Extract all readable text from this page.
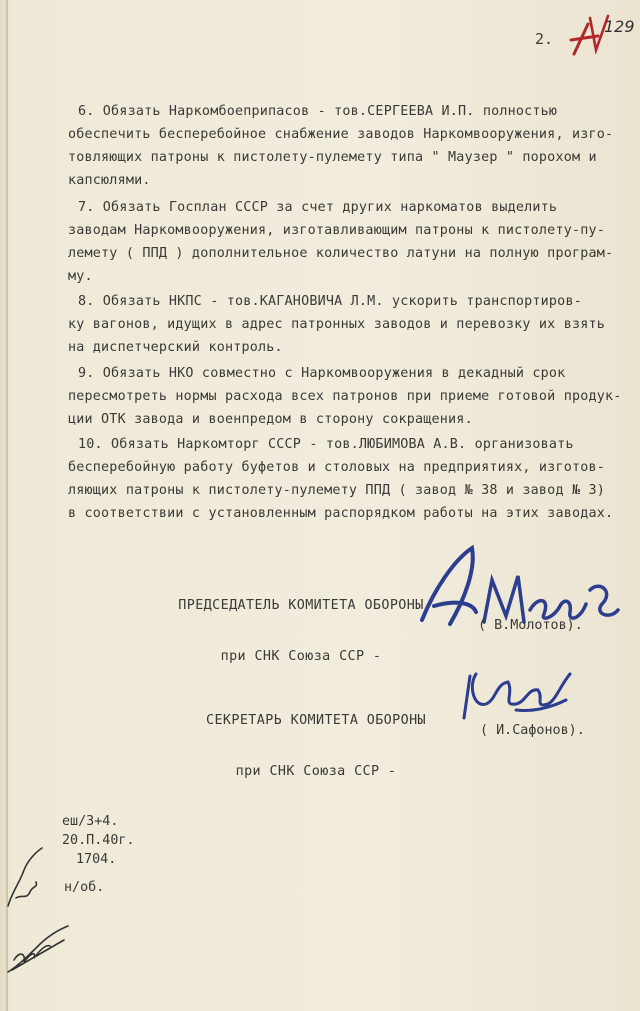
2.
129
6. Обязать Наркомбоеприпасов - тов.СЕРГЕЕВА И.П. полностью
обеспечить бесперебойное снабжение заводов Наркомвооружения, изго-
товляющих патроны к пистолету-пулемету типа " Маузер " порохом и
капсюлями.
7. Обязать Госплан СССР за счет других наркоматов выделить
заводам Наркомвооружения, изготавливающим патроны к пистолету-пу-
лемету ( ППД ) дополнительное количество латуни на полную програм-
му.
8. Обязать НКПС - тов.КАГАНОВИЧА Л.М. ускорить транспортиров-
ку вагонов, идущих в адрес патронных заводов и перевозку их взять
на диспетчерский контроль.
9. Обязать НКО совместно с Наркомвооружения в декадный срок
пересмотреть нормы расхода всех патронов при приеме готовой продук-
ции ОТК завода и военпредом в сторону сокращения.
10. Обязать Наркомторг СССР - тов.ЛЮБИМОВА А.В. организовать
бесперебойную работу буфетов и столовых на предприятиях, изготов-
ляющих патроны к пистолету-пулемету ППД ( завод № 38 и завод № 3)
в соответствии с установленным распорядком работы на этих заводах.

ПРЕДСЕДАТЕЛЬ КОМИТЕТА ОБОРОНЫ

при СНК Союза ССР -

( В.Молотов).

СЕКРЕТАРЬ КОМИТЕТА ОБОРОНЫ

при СНК Союза ССР -

( И.Сафонов).
еш/3+4.
20.П.40г.
1704.
н/об.
